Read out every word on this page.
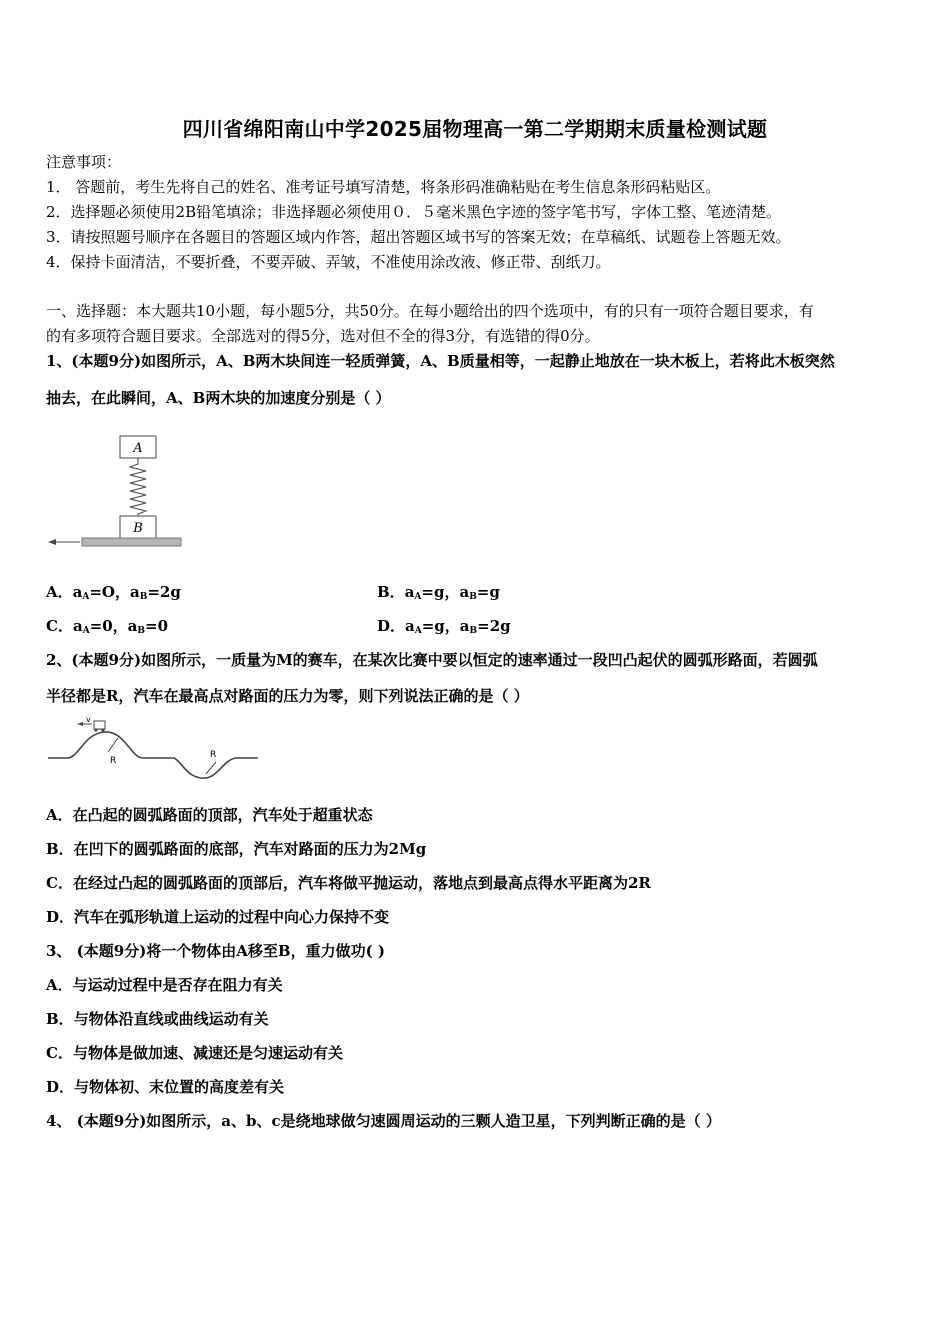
四川省绵阳南山中学2025届物理高一第二学期期末质量检测试题
注意事项：
1． 答题前，考生先将自己的姓名、准考证号填写清楚，将条形码准确粘贴在考生信息条形码粘贴区。
2．选择题必须使用2B铅笔填涂；非选择题必须使用０．５毫米黑色字迹的签字笔书写，字体工整、笔迹清楚。
3．请按照题号顺序在各题目的答题区域内作答，超出答题区域书写的答案无效；在草稿纸、试题卷上答题无效。
4．保持卡面清洁，不要折叠，不要弄破、弄皱，不准使用涂改液、修正带、刮纸刀。
一、选择题：本大题共10小题，每小题5分，共50分。在每小题给出的四个选项中，有的只有一项符合题目要求，有
的有多项符合题目要求。全部选对的得5分，选对但不全的得3分，有选错的得0分。
1、(本题9分)如图所示，A、B两木块间连一轻质弹簧，A、B质量相等，一起静止地放在一块木板上，若将此木板突然
抽去，在此瞬间，A、B两木块的加速度分别是（ ）
A
B
A．$a_A=O$，$a_B=2g$	B．$a_A=g$，$a_B=g$
C．$a_A=0$，$a_B=0$	D．$a_A=g$，$a_B=2g$
2、(本题9分)如图所示，一质量为M的赛车，在某次比赛中要以恒定的速率通过一段凹凸起伏的圆弧形路面，若圆弧
半径都是R，汽车在最高点对路面的压力为零，则下列说法正确的是（ ）
v
R
R
A．在凸起的圆弧路面的顶部，汽车处于超重状态
B．在凹下的圆弧路面的底部，汽车对路面的压力为2Mg
C．在经过凸起的圆弧路面的顶部后，汽车将做平抛运动，落地点到最高点得水平距离为2R
D．汽车在弧形轨道上运动的过程中向心力保持不变
3、 (本题9分)将一个物体由A移至B，重力做功( )
A．与运动过程中是否存在阻力有关
B．与物体沿直线或曲线运动有关
C．与物体是做加速、减速还是匀速运动有关
D．与物体初、末位置的高度差有关
4、 (本题9分)如图所示，a、b、c是绕地球做匀速圆周运动的三颗人造卫星，下列判断正确的是（ ）
